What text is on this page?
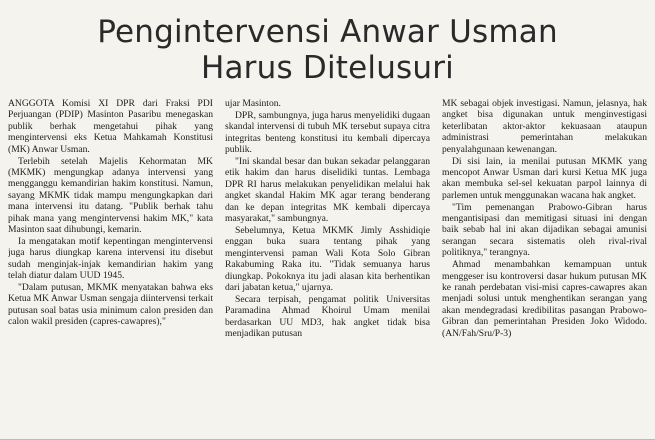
Pengintervensi Anwar Usman
Harus Ditelusuri

ANGGOTA Komisi XI DPR dari Fraksi PDI Perjuangan (PDIP) Masinton Pasaribu menegaskan publik berhak mengetahui pihak yang mengintervensi eks Ketua Mahkamah Konstitusi (MK) Anwar Usman.

Terlebih setelah Majelis Kehormatan MK (MKMK) mengungkap adanya intervensi yang mengganggu kemandirian hakim konstitusi. Namun, sayang MKMK tidak mampu mengungkapkan dari mana intervensi itu datang. "Publik berhak tahu pihak mana yang mengintervensi hakim MK," kata Masinton saat dihubungi, kemarin.

Ia mengatakan motif kepentingan mengintervensi juga harus diungkap karena intervensi itu disebut sudah menginjak-injak kemandirian hakim yang telah diatur dalam UUD 1945.

"Dalam putusan, MKMK menyatakan bahwa eks Ketua MK Anwar Usman sengaja diintervensi terkait putusan soal batas usia minimum calon presiden dan calon wakil presiden (capres-cawapres),"

ujar Masinton.

DPR, sambungnya, juga harus menyelidiki dugaan skandal intervensi di tubuh MK tersebut supaya citra integritas benteng konstitusi itu kembali dipercaya publik.

"Ini skandal besar dan bukan sekadar pelanggaran etik hakim dan harus diselidiki tuntas. Lembaga DPR RI harus melakukan penyelidikan melalui hak angket skandal Hakim MK agar terang benderang dan ke depan integritas MK kembali dipercaya masyarakat," sambungnya.

Sebelumnya, Ketua MKMK Jimly Asshidiqie enggan buka suara tentang pihak yang mengintervensi paman Wali Kota Solo Gibran Rakabuming Raka itu. "Tidak semuanya harus diungkap. Pokoknya itu jadi alasan kita berhentikan dari jabatan ketua," ujarnya.

Secara terpisah, pengamat politik Universitas Paramadina Ahmad Khoirul Umam menilai berdasarkan UU MD3, hak angket tidak bisa menjadikan putusan

MK sebagai objek investigasi. Namun, jelasnya, hak angket bisa digunakan untuk menginvestigasi keterlibatan aktor-aktor kekuasaan ataupun administrasi pemerintahan melakukan penyalahgunaan kewenangan.

Di sisi lain, ia menilai putusan MKMK yang mencopot Anwar Usman dari kursi Ketua MK juga akan membuka sel-sel kekuatan parpol lainnya di parlemen untuk menggunakan wacana hak angket.

"Tim pemenangan Prabowo-Gibran harus mengantisipasi dan memitigasi situasi ini dengan baik sebab hal ini akan dijadikan sebagai amunisi serangan secara sistematis oleh rival-rival politiknya," terangnya.

Ahmad menambahkan kemampuan untuk menggeser isu kontroversi dasar hukum putusan MK ke ranah perdebatan visi-misi capres-cawapres akan menjadi solusi untuk menghentikan serangan yang akan mendegradasi kredibilitas pasangan Prabowo-Gibran dan pemerintahan Presiden Joko Widodo. (AN/Fah/Sru/P-3)
